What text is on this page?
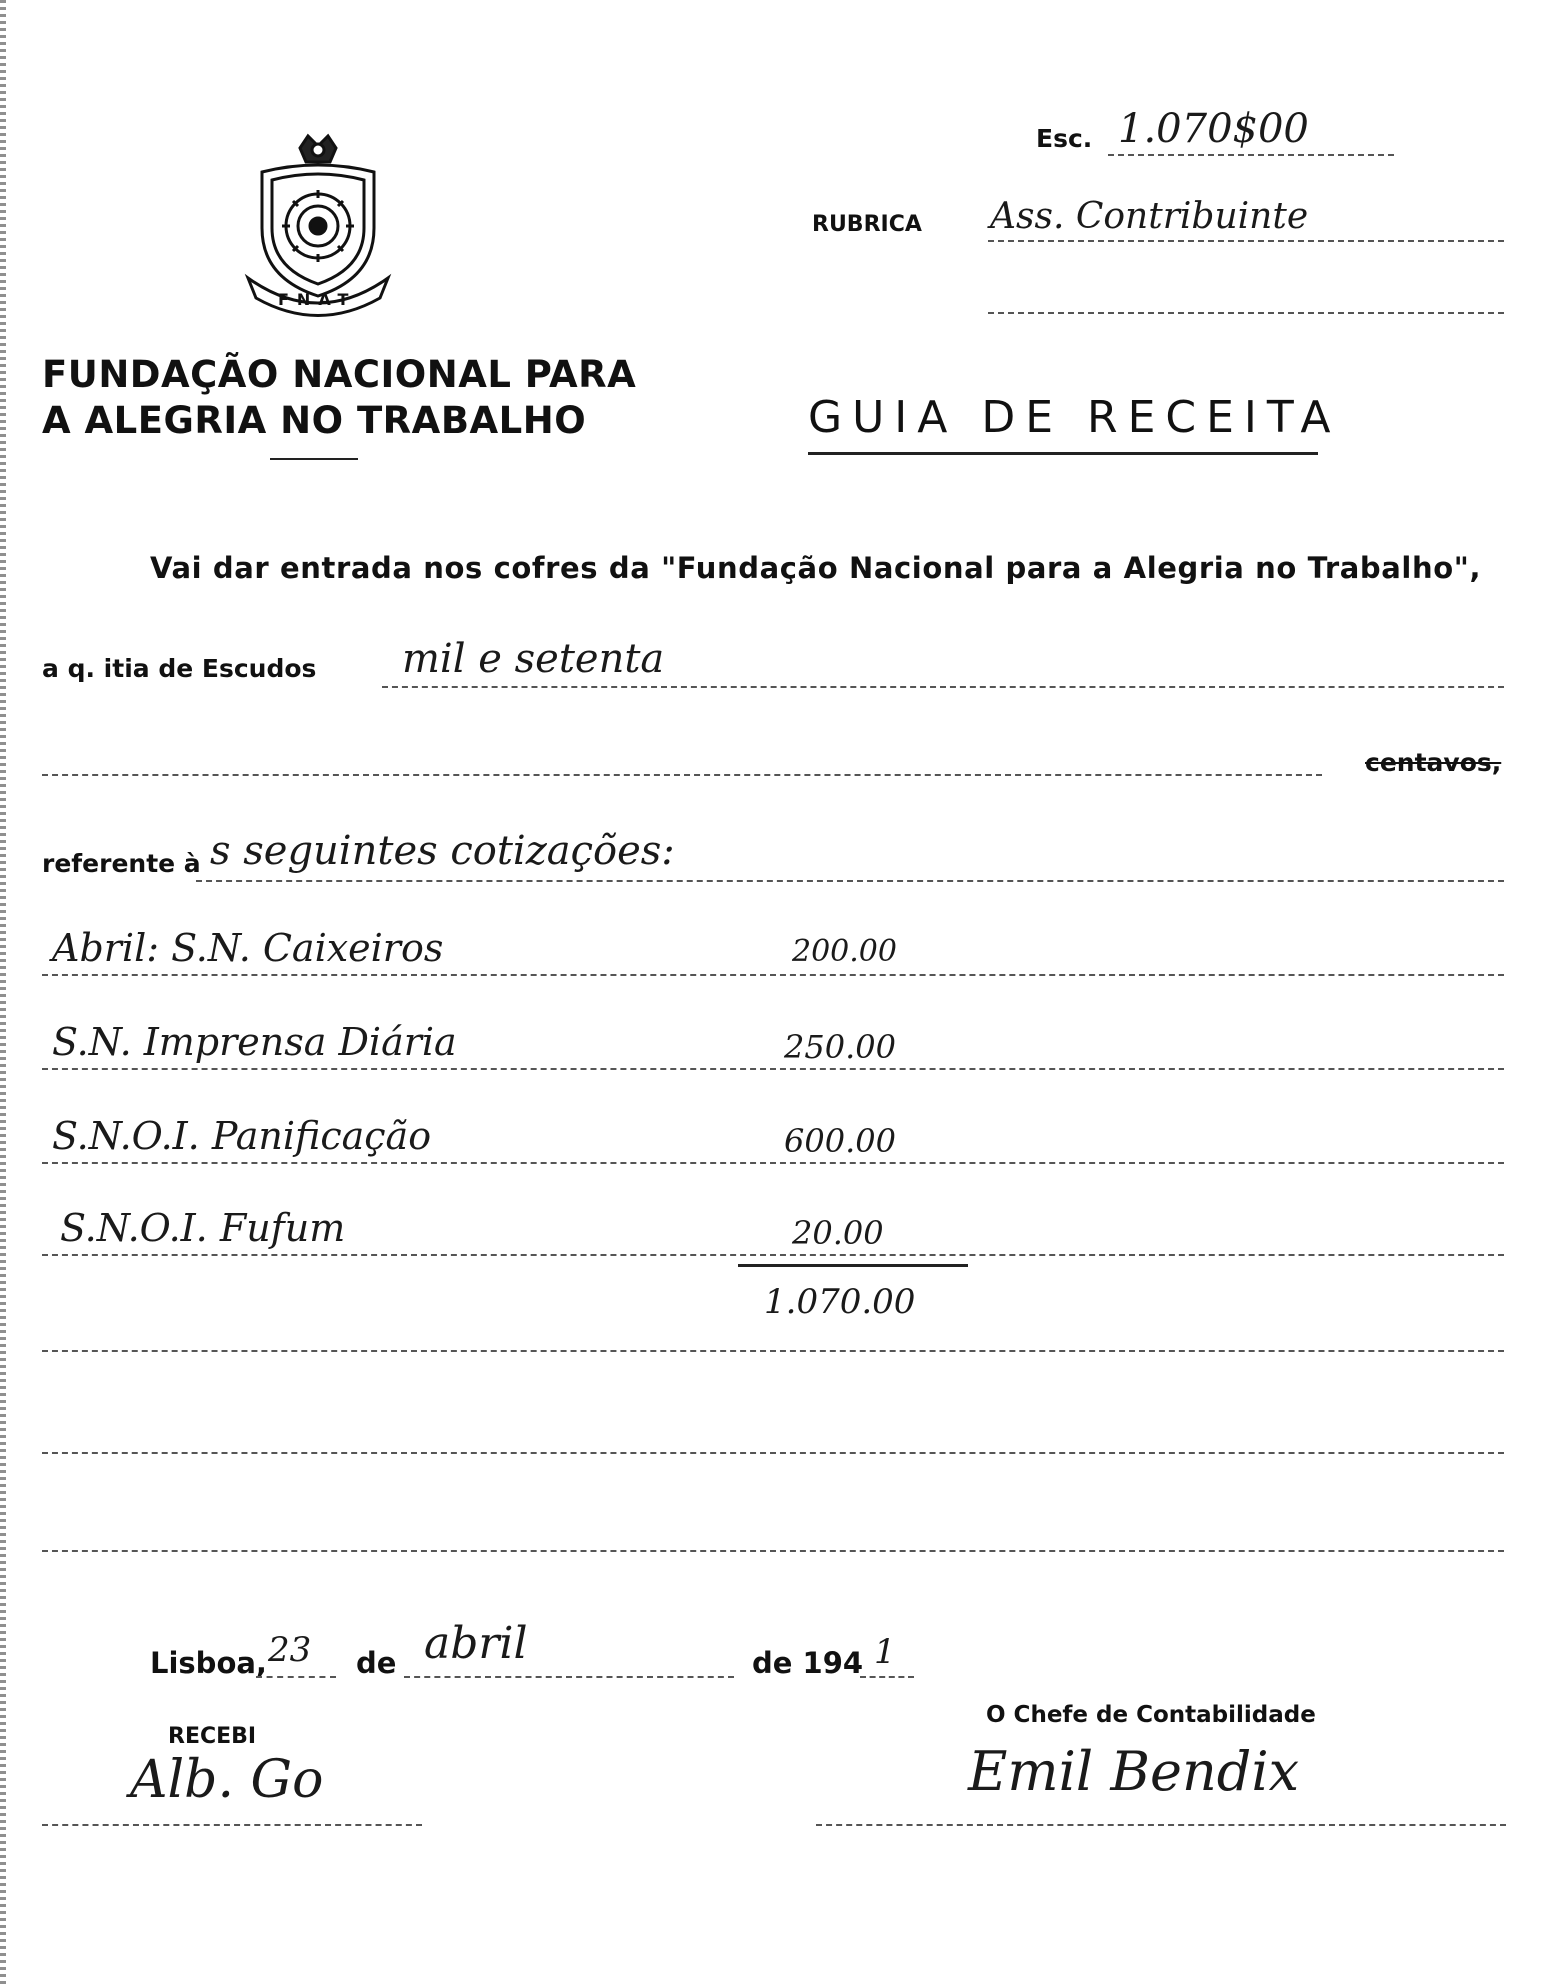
FNAT
FUNDAÇÃO NACIONAL PARA
A ALEGRIA NO TRABALHO
Esc. 1.070$00
RUBRICA Ass. Contribuinte
GUIA DE RECEITA
Vai dar entrada nos cofres da "Fundação Nacional para a Alegria no Trabalho",
a q. itia de Escudos mil e setenta
centavos,
referente à s seguintes cotizações:
Abril: S.N. Caixeiros	200.00
S.N. Imprensa Diária	250.00
S.N.O.I. Panificação	600.00
S.N.O.I. Fufum	20.00
1.070.00
Lisboa, 23 de abril	de 194 1
RECEBI
Alb. Go
O Chefe de Contabilidade
Emil Bendix
